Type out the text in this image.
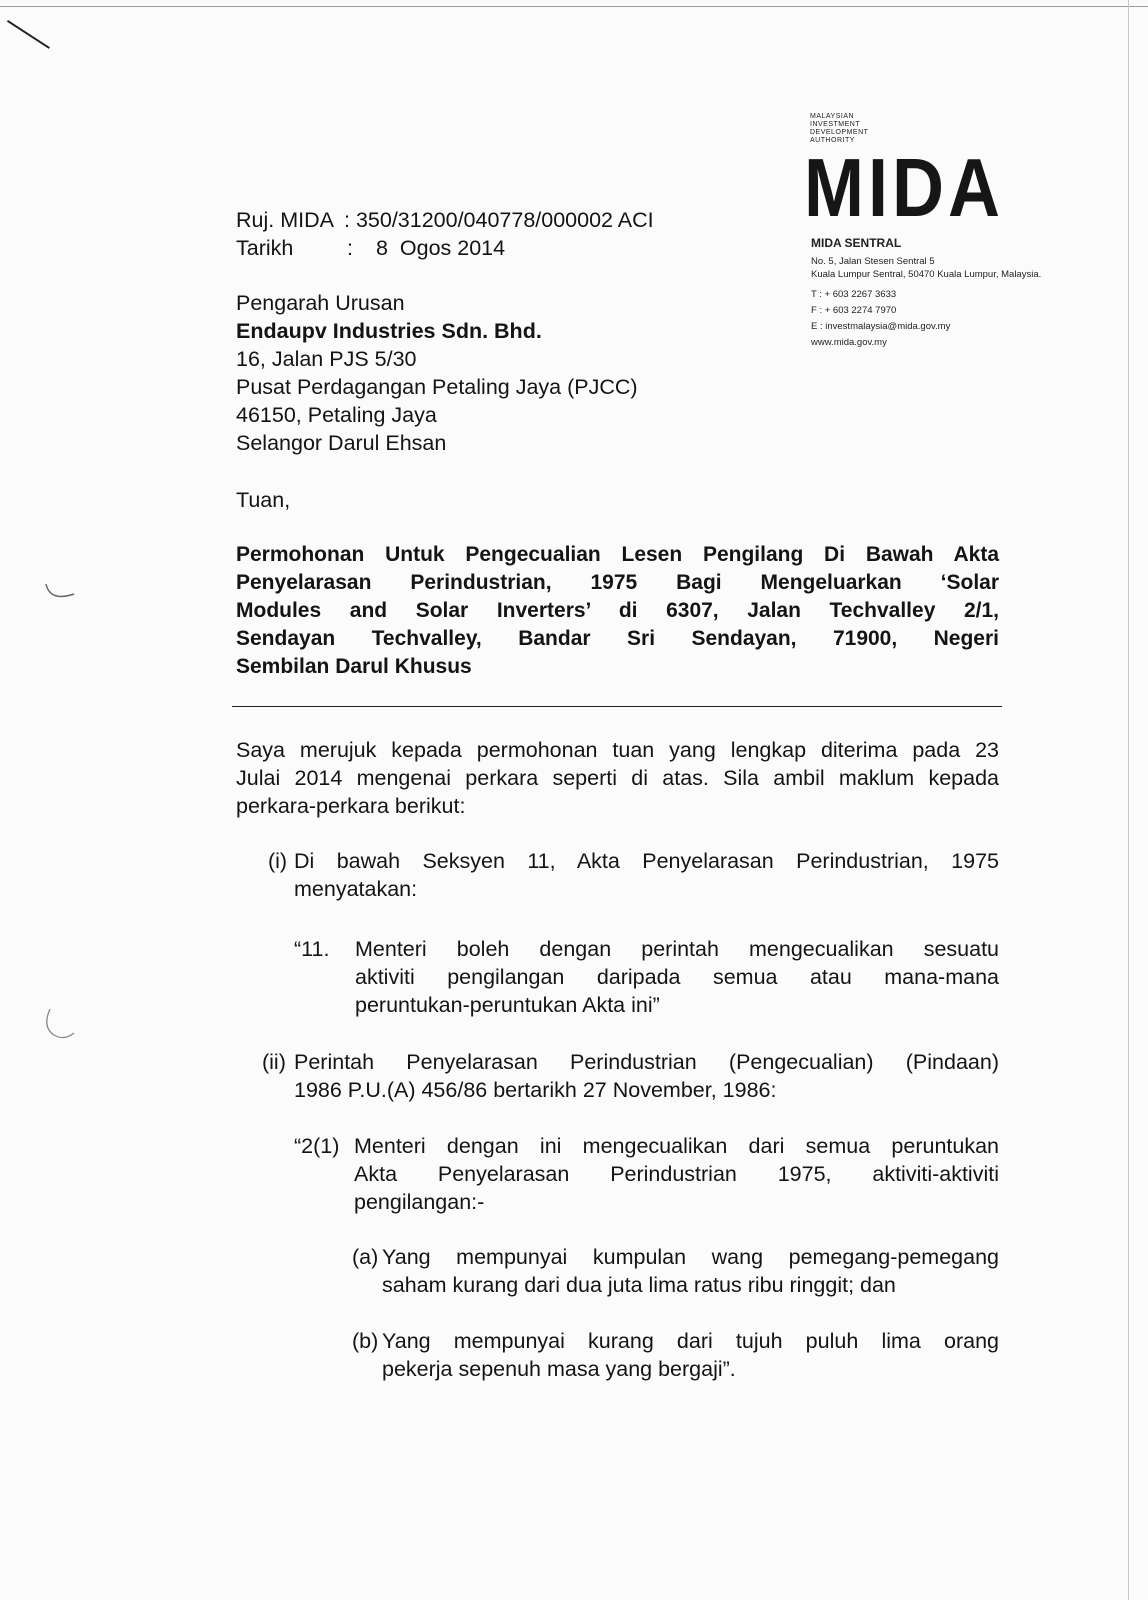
MALAYSIAN
INVESTMENT
DEVELOPMENT
AUTHORITY
MIDA
MIDA SENTRAL
No. 5, Jalan Stesen Sentral 5
Kuala Lumpur Sentral, 50470 Kuala Lumpur, Malaysia.
T : + 603 2267 3633
F : + 603 2274 7970
E : investmalaysia@mida.gov.my
www.mida.gov.my
Ruj. MIDA : 350/31200/040778/000002 ACI
Tarikh	:	8  Ogos 2014
Pengarah Urusan
Endaupv Industries Sdn. Bhd.
16, Jalan PJS 5/30
Pusat Perdagangan Petaling Jaya (PJCC)
46150, Petaling Jaya
Selangor Darul Ehsan
Tuan,
Permohonan Untuk Pengecualian Lesen Pengilang Di Bawah Akta
Penyelarasan Perindustrian, 1975 Bagi Mengeluarkan ‘Solar
Modules and Solar Inverters’ di 6307, Jalan Techvalley 2/1,
Sendayan Techvalley, Bandar Sri Sendayan, 71900, Negeri
Sembilan Darul Khusus
Saya merujuk kepada permohonan tuan yang lengkap diterima pada 23
Julai 2014 mengenai perkara seperti di atas. Sila ambil maklum kepada
perkara-perkara berikut:
(i) Di bawah Seksyen 11, Akta Penyelarasan Perindustrian, 1975
menyatakan:
“11. Menteri boleh dengan perintah mengecualikan sesuatu
aktiviti pengilangan daripada semua atau mana-mana
peruntukan-peruntukan Akta ini”
(ii) Perintah Penyelarasan Perindustrian (Pengecualian) (Pindaan)
1986 P.U.(A) 456/86 bertarikh 27 November, 1986:
“2(1) Menteri dengan ini mengecualikan dari semua peruntukan
Akta Penyelarasan Perindustrian 1975, aktiviti-aktiviti
pengilangan:-
(a) Yang mempunyai kumpulan wang pemegang-pemegang
saham kurang dari dua juta lima ratus ribu ringgit; dan
(b) Yang mempunyai kurang dari tujuh puluh lima orang
pekerja sepenuh masa yang bergaji”.
